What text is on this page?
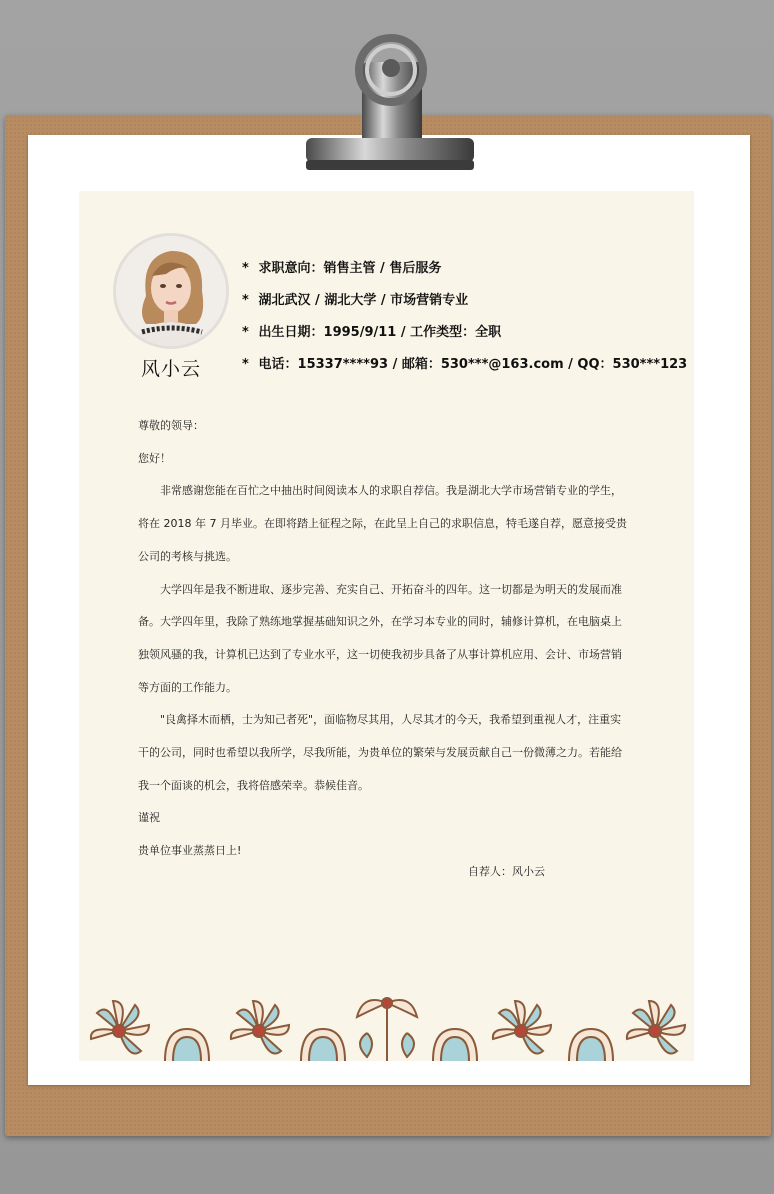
风小云
* 求职意向：销售主管 / 售后服务
* 湖北武汉 / 湖北大学 / 市场营销专业
* 出生日期：1995/9/11 / 工作类型：全职
* 电话：15337****93 / 邮箱：530***@163.com / QQ：530***123

尊敬的领导：

您好！

非常感谢您能在百忙之中抽出时间阅读本人的求职自荐信。我是湖北大学市场营销专业的学生，将在 2018 年 7 月毕业。在即将踏上征程之际，在此呈上自己的求职信息，特毛遂自荐，愿意接受贵公司的考核与挑选。

大学四年是我不断进取、逐步完善、充实自己、开拓奋斗的四年。这一切都是为明天的发展而准备。大学四年里，我除了熟练地掌握基础知识之外，在学习本专业的同时，辅修计算机，在电脑桌上独领风骚的我，计算机已达到了专业水平，这一切使我初步具备了从事计算机应用、会计、市场营销等方面的工作能力。

"良禽择木而栖，士为知己者死"，面临物尽其用，人尽其才的今天，我希望到重视人才，注重实干的公司，同时也希望以我所学，尽我所能，为贵单位的繁荣与发展贡献自己一份微薄之力。若能给我一个面谈的机会，我将倍感荣幸。恭候佳音。

谨祝

贵单位事业蒸蒸日上!

自荐人：风小云
